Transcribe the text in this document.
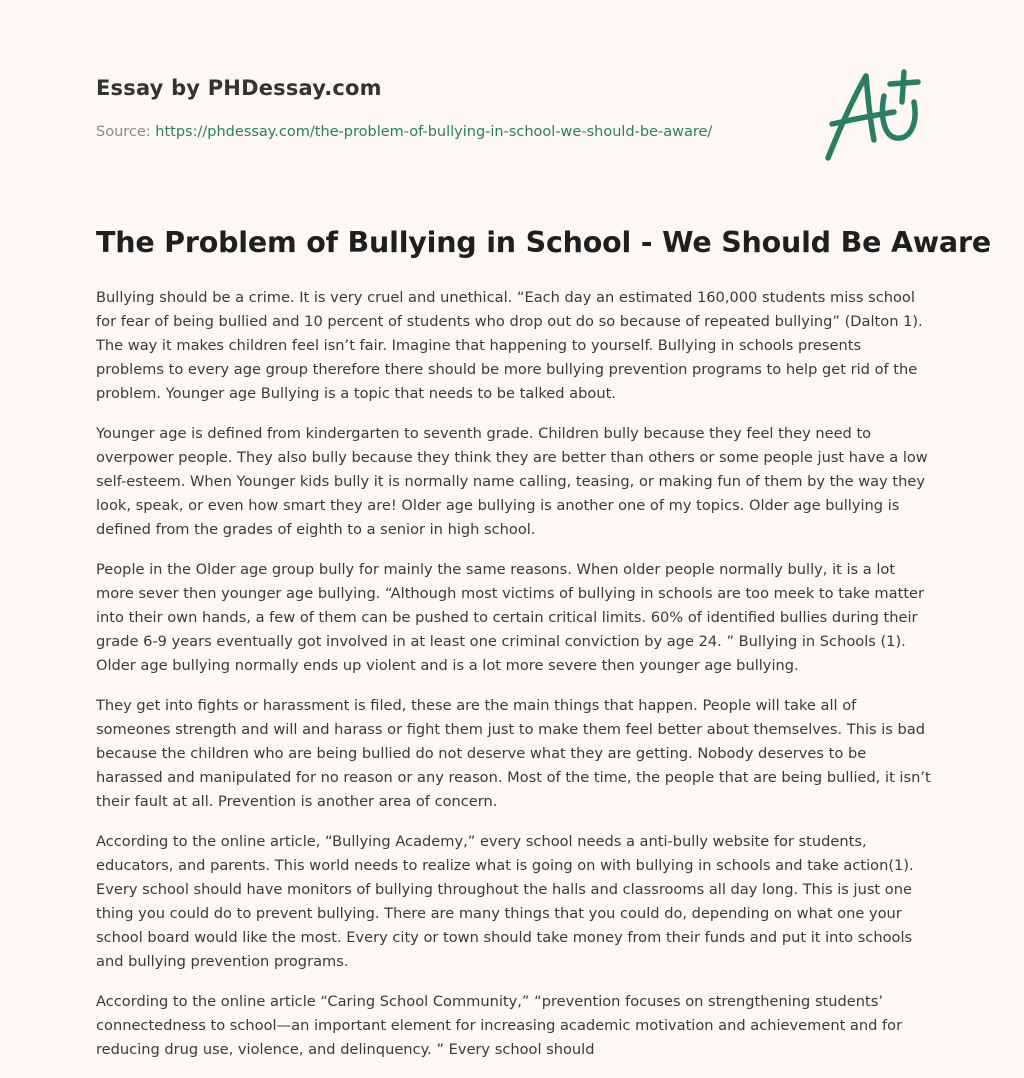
Essay by PHDessay.com
Source: https://phdessay.com/the-problem-of-bullying-in-school-we-should-be-aware/
The Problem of Bullying in School - We Should Be Aware

Bullying should be a crime. It is very cruel and unethical. “Each day an estimated 160,000 students miss school for fear of being bullied and 10 percent of students who drop out do so because of repeated bullying” (Dalton 1). The way it makes children feel isn’t fair. Imagine that happening to yourself. Bullying in schools presents problems to every age group therefore there should be more bullying prevention programs to help get rid of the problem. Younger age Bullying is a topic that needs to be talked about.

Younger age is defined from kindergarten to seventh grade. Children bully because they feel they need to overpower people. They also bully because they think they are better than others or some people just have a low self-esteem. When Younger kids bully it is normally name calling, teasing, or making fun of them by the way they look, speak, or even how smart they are! Older age bullying is another one of my topics. Older age bullying is defined from the grades of eighth to a senior in high school.

People in the Older age group bully for mainly the same reasons. When older people normally bully, it is a lot more sever then younger age bullying. “Although most victims of bullying in schools are too meek to take matter into their own hands, a few of them can be pushed to certain critical limits. 60% of identified bullies during their grade 6-9 years eventually got involved in at least one criminal conviction by age 24. ” Bullying in Schools (1). Older age bullying normally ends up violent and is a lot more severe then younger age bullying.

They get into fights or harassment is filed, these are the main things that happen. People will take all of someones strength and will and harass or fight them just to make them feel better about themselves. This is bad because the children who are being bullied do not deserve what they are getting. Nobody deserves to be harassed and manipulated for no reason or any reason. Most of the time, the people that are being bullied, it isn’t their fault at all. Prevention is another area of concern.

According to the online article, “Bullying Academy,” every school needs a anti-bully website for students, educators, and parents. This world needs to realize what is going on with bullying in schools and take action(1). Every school should have monitors of bullying throughout the halls and classrooms all day long. This is just one thing you could do to prevent bullying. There are many things that you could do, depending on what one your school board would like the most. Every city or town should take money from their funds and put it into schools and bullying prevention programs.

According to the online article “Caring School Community,” “prevention focuses on strengthening students’ connectedness to school—an important element for increasing academic motivation and achievement and for reducing drug use, violence, and delinquency. ” Every school should
